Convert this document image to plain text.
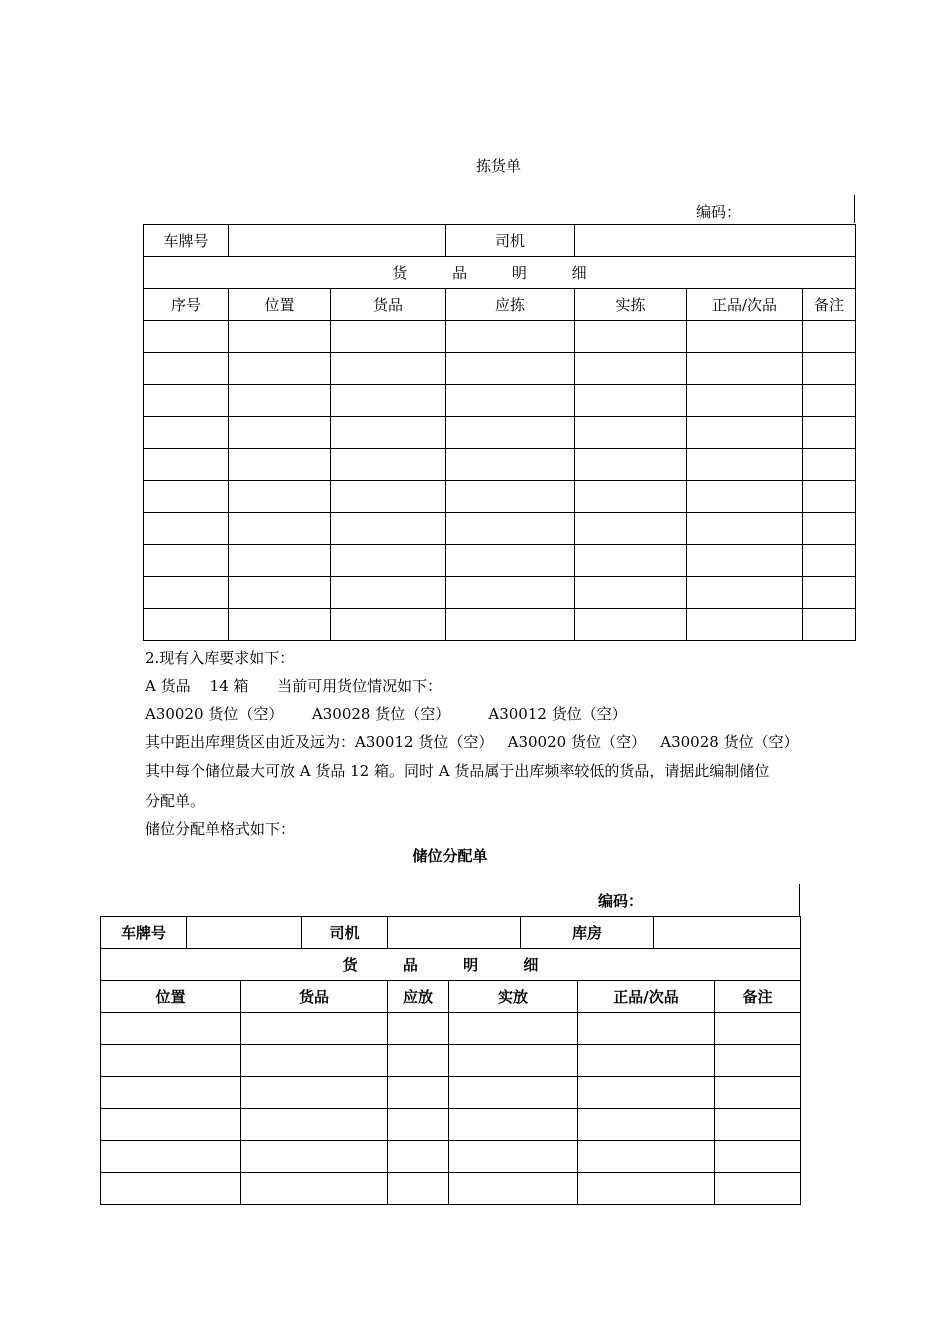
拣货单
编码：
车牌号			司机			
货 品 明 细						
序号	位置	货品	应拣	实拣	正品/次品	备注

2.现有入库要求如下：
A 货品    14 箱      当前可用货位情况如下：
A30020 货位（空）      A30028 货位（空）        A30012 货位（空）
其中距出库理货区由近及远为：A30012 货位（空）   A30020 货位（空）   A30028 货位（空）
其中每个储位最大可放 A 货品 12 箱。同时 A 货品属于出库频率较低的货品，请据此编制储位
分配单。
储位分配单格式如下：
储位分配单
编码：
车牌号			司机			库房			
货 品 明 细									
位置		货品		应放	实放		正品/次品		备注
